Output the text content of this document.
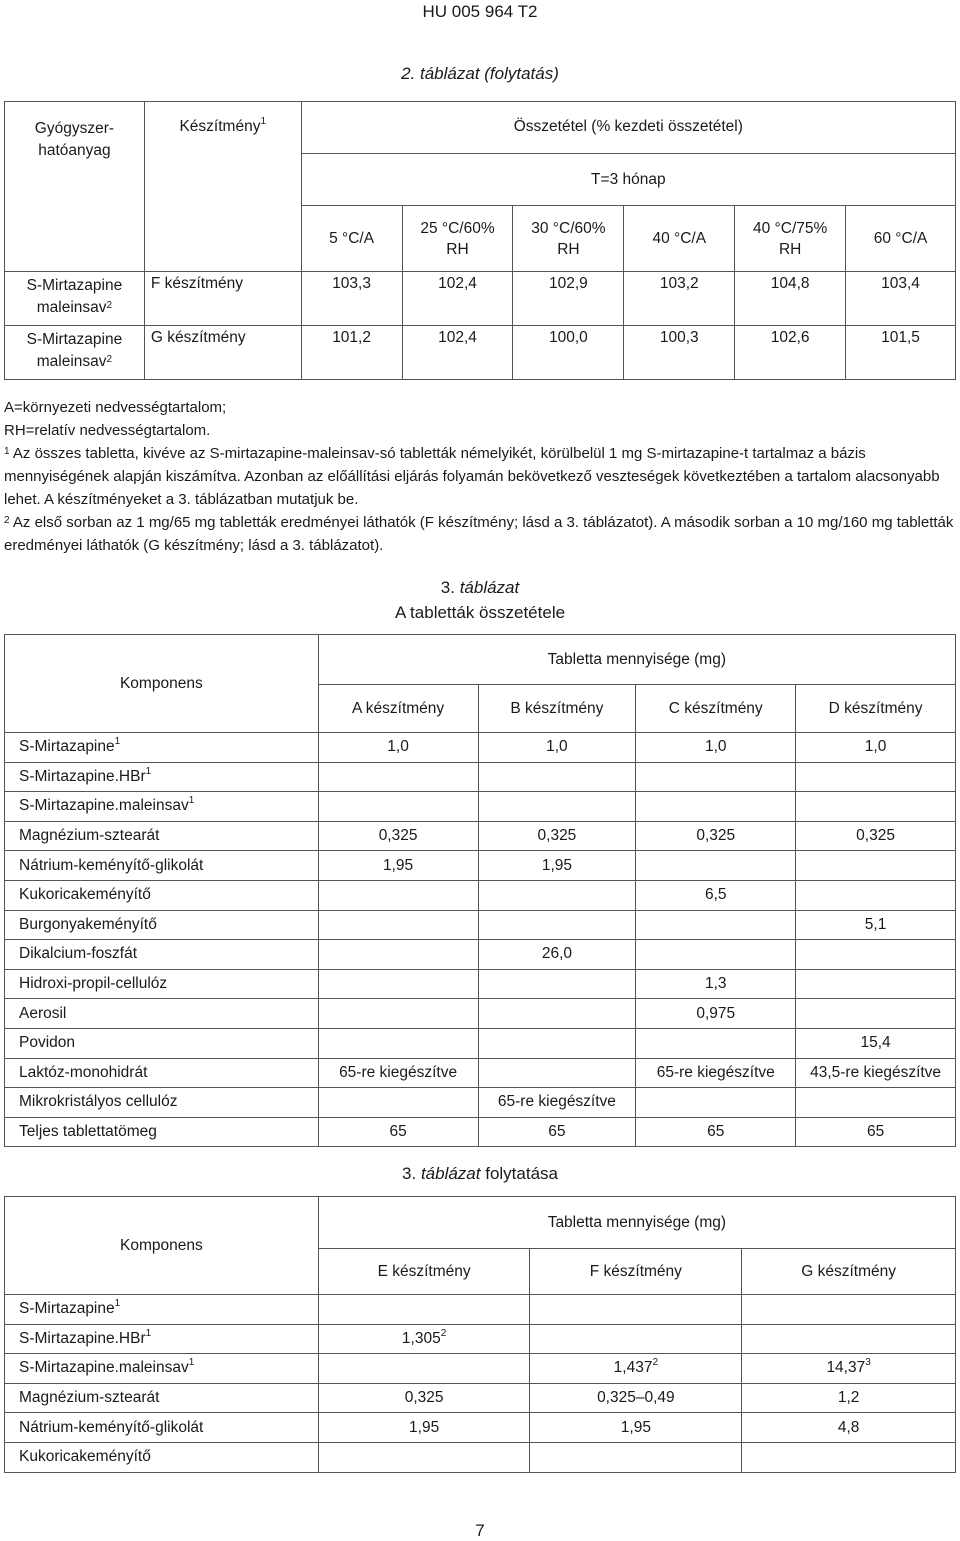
HU 005 964 T2
2. táblázat (folytatás)
Gyógyszer-hatóanyag	Készítmény$^1$	Összetétel (% kezdeti összetétel)					
		T=3 hónap					
		5 °C/A	25 °C/60% RH	30 °C/60% RH	40 °C/A	40 °C/75% RH	60 °C/A
S-Mirtazapine maleinsav$^2$	F készítmény	103,3	102,4	102,9	103,2	104,8	103,4
S-Mirtazapine maleinsav$^2$	G készítmény	101,2	102,4	100,0	100,3	102,6	101,5

A=környezeti nedvességtartalom;

RH=relatív nedvességtartalom.

$^1$ Az összes tabletta, kivéve az S-mirtazapine-maleinsav-só tabletták némelyikét, körülbelül 1 mg S-mirtazapine-t tartalmaz a bázis mennyiségének alapján kiszámítva. Azonban az előállítási eljárás folyamán bekövetkező veszteségek következtében a tartalom alacsonyabb lehet. A készítményeket a 3. táblázatban mutatjuk be.

$^2$ Az első sorban az 1 mg/65 mg tabletták eredményei láthatók (F készítmény; lásd a 3. táblázatot). A második sorban a 10 mg/160 mg tabletták eredményei láthatók (G készítmény; lásd a 3. táblázatot).

3. táblázat
A tabletták összetétele
Komponens	Tabletta mennyisége (mg)			
	A készítmény	B készítmény	C készítmény	D készítmény
S-Mirtazapine$^1$	1,0	1,0	1,0	1,0
S-Mirtazapine.HBr$^1$				
S-Mirtazapine.maleinsav$^1$				
Magnézium-sztearát	0,325	0,325	0,325	0,325
Nátrium-keményítő-glikolát	1,95	1,95		
Kukoricakeményítő			6,5	
Burgonyakeményítő				5,1
Dikalcium-foszfát		26,0		
Hidroxi-propil-cellulóz			1,3	
Aerosil			0,975	
Povidon				15,4
Laktóz-monohidrát	65-re kiegészítve		65-re kiegészítve	43,5-re kiegészítve
Mikrokristályos cellulóz		65-re kiegészítve		
Teljes tablettatömeg	65	65	65	65
3. táblázat folytatása
Komponens	Tabletta mennyisége (mg)		
	E készítmény	F készítmény	G készítmény
S-Mirtazapine$^1$			
S-Mirtazapine.HBr$^1$	1,305$^2$		
S-Mirtazapine.maleinsav$^1$		1,437$^2$	14,37$^3$
Magnézium-sztearát	0,325	0,325–0,49	1,2
Nátrium-keményítő-glikolát	1,95	1,95	4,8
Kukoricakeményítő			
7
